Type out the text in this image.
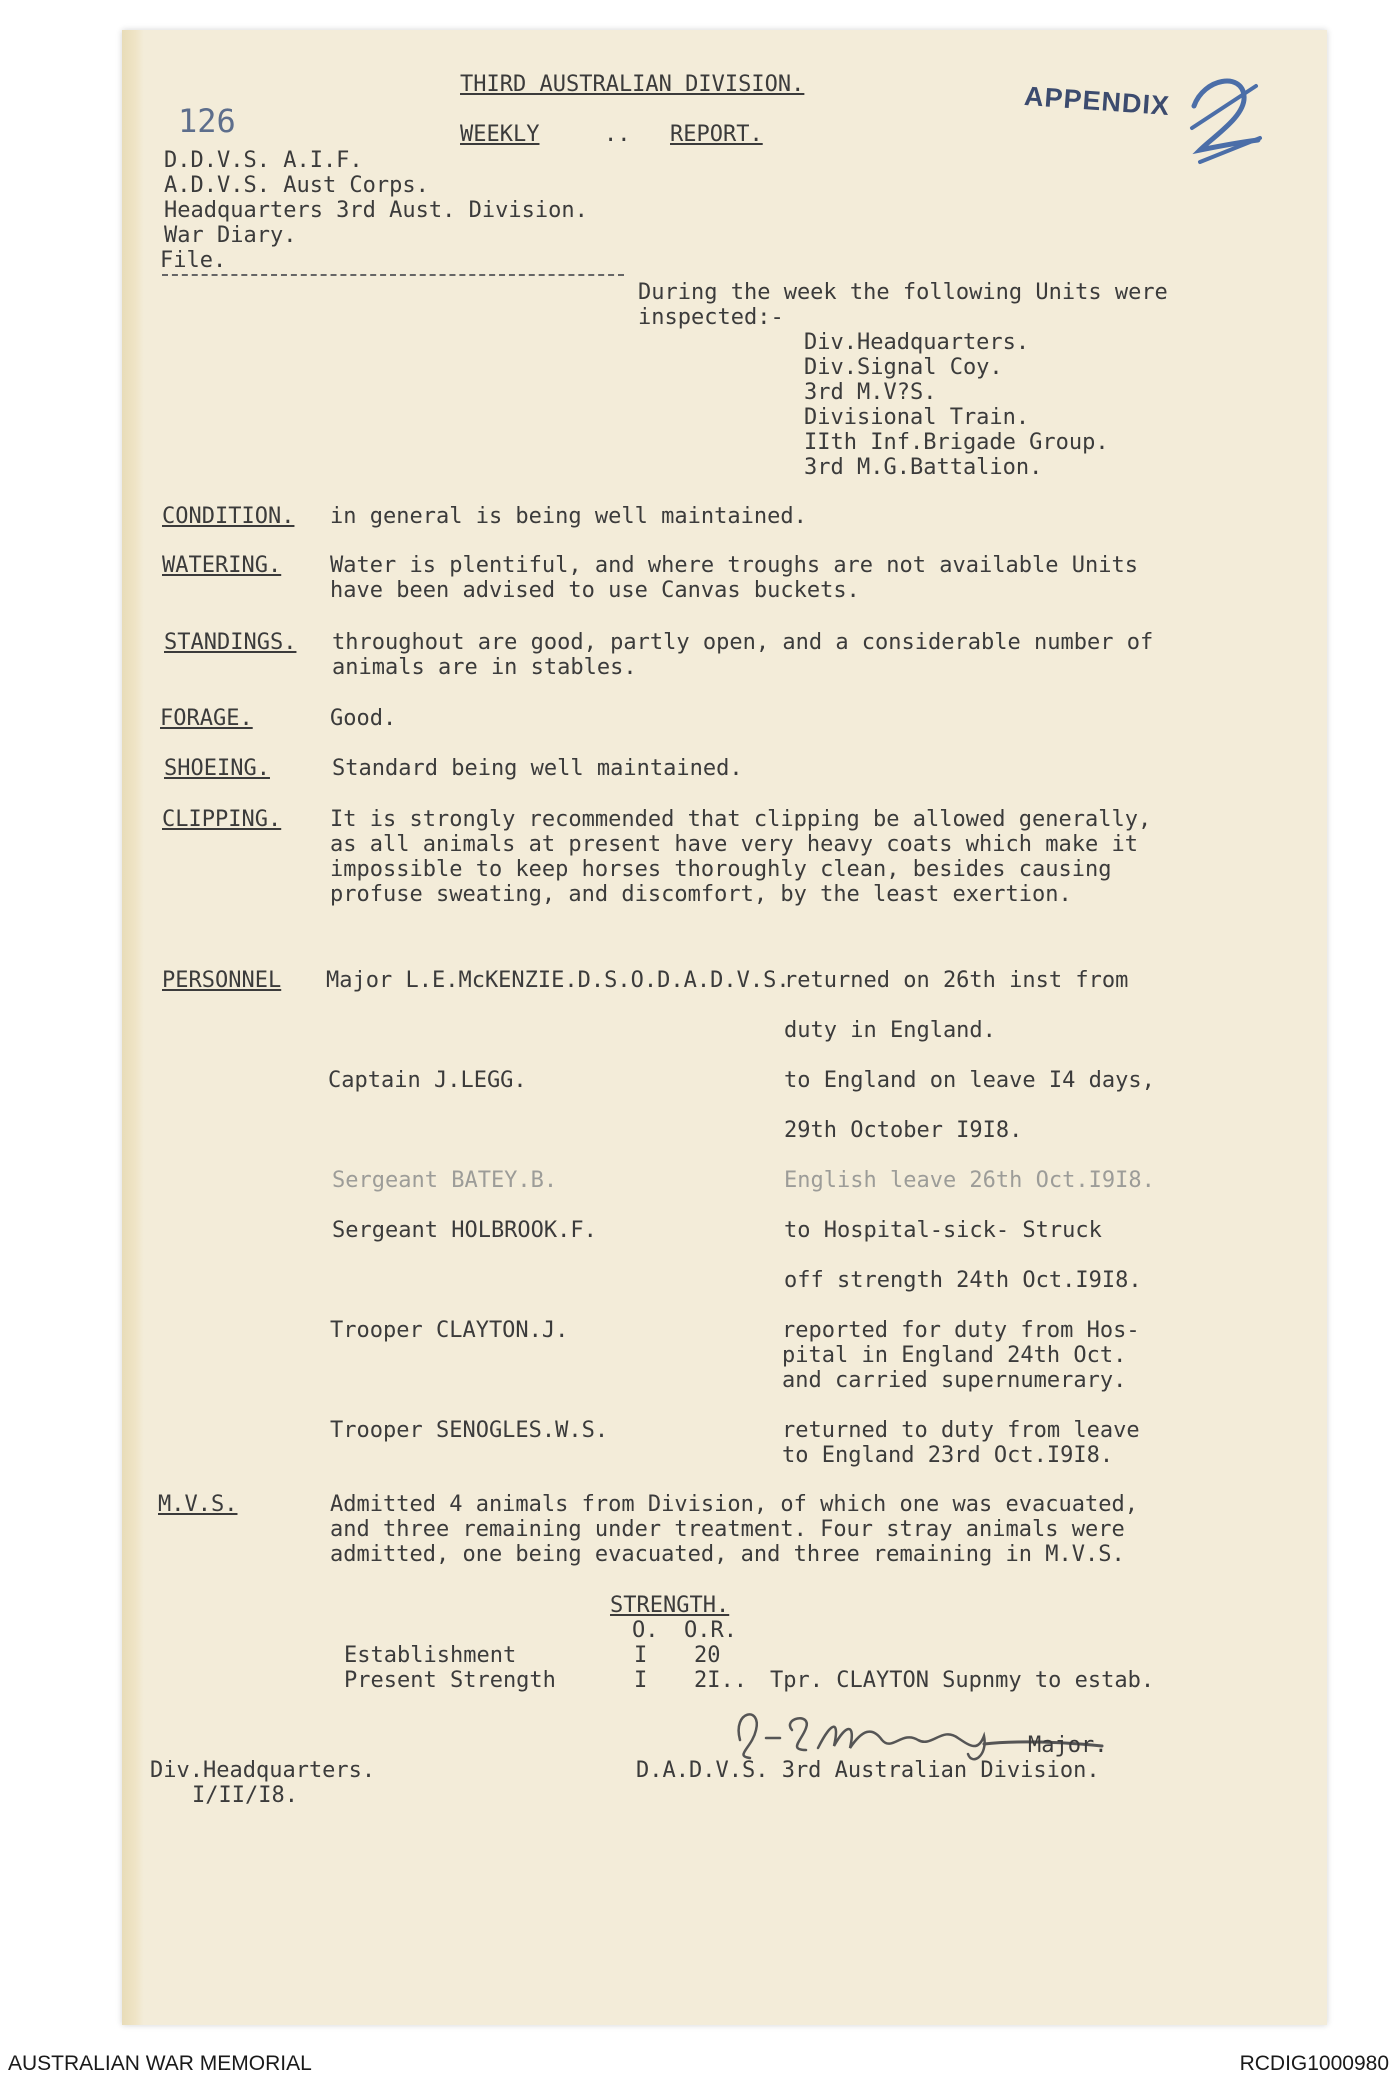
THIRD AUSTRALIAN DIVISION.
126	WEEKLY	.. REPORT.
APPENDIX
D.D.V.S. A.I.F.
A.D.V.S. Aust Corps.
Headquarters 3rd Aust. Division.
War Diary.
File.
During the week the following Units were
inspected:-
Div.Headquarters.
Div.Signal Coy.
3rd M.V?S.
Divisional Train.
IIth Inf.Brigade Group.
3rd M.G.Battalion.
CONDITION. in general is being well maintained.
WATERING. Water is plentiful, and where troughs are not available Units
have been advised to use Canvas buckets.
STANDINGS. throughout are good, partly open, and a considerable number of
animals are in stables.
FORAGE.	Good.
SHOEING.	Standard being well maintained.
CLIPPING. It is strongly recommended that clipping be allowed generally,
as all animals at present have very heavy coats which make it
impossible to keep horses thoroughly clean, besides causing
profuse sweating, and discomfort, by the least exertion.
PERSONNEL Major L.E.McKENZIE.D.S.O.D.A.D.V.S.
returned on 26th inst from
duty in England.
Captain J.LEGG.	to England on leave I4 days,
29th October I9I8.
Sergeant BATEY.B.	English leave 26th Oct.I9I8.
Sergeant HOLBROOK.F.	to Hospital-sick- Struck
off strength 24th Oct.I9I8.
Trooper CLAYTON.J.	reported for duty from Hos-
pital in England 24th Oct.
and carried supernumerary.
Trooper SENOGLES.W.S.	returned to duty from leave
to England 23rd Oct.I9I8.
M.V.S.	Admitted 4 animals from Division, of which one was evacuated,
and three remaining under treatment. Four stray animals were
admitted, one being evacuated, and three remaining in M.V.S.
STRENGTH.
O. O.R.
Establishment	I 20
Present Strength	I 2I.. Tpr. CLAYTON Supnmy to estab.
Major.
D.A.D.V.S. 3rd Australian Division.
Div.Headquarters.
I/II/I8.
AUSTRALIAN WAR MEMORIAL	RCDIG1000980
